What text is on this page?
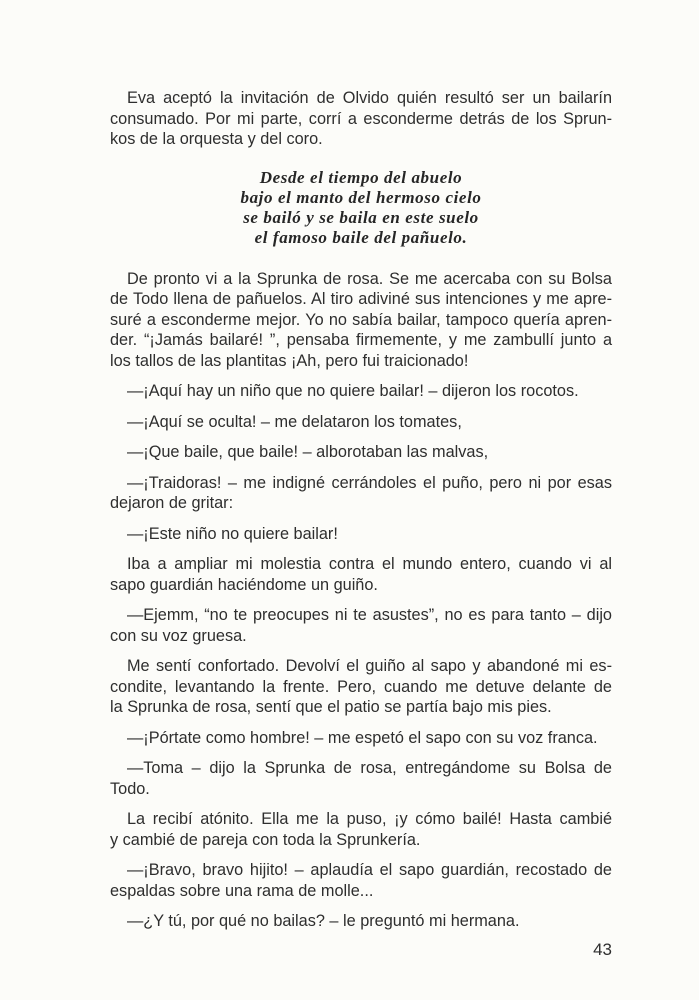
Eva aceptó la invitación de Olvido quién resultó ser un bailarín
consumado. Por mi parte, corrí a esconderme detrás de los Sprun-
kos de la orquesta y del coro.
Desde el tiempo del abuelo
bajo el manto del hermoso cielo
se bailó y se baila en este suelo
el famoso baile del pañuelo.
De pronto vi a la Sprunka de rosa. Se me acercaba con su Bolsa
de Todo llena de pañuelos. Al tiro adiviné sus intenciones y me apre-
suré a esconderme mejor. Yo no sabía bailar, tampoco quería apren-
der. “¡Jamás bailaré! ”, pensaba firmemente, y me zambullí junto a
los tallos de las plantitas ¡Ah, pero fui traicionado!
—¡Aquí hay un niño que no quiere bailar! – dijeron los rocotos.
—¡Aquí se oculta! – me delataron los tomates,
—¡Que baile, que baile! – alborotaban las malvas,
—¡Traidoras! – me indigné cerrándoles el puño, pero ni por esas
dejaron de gritar:
—¡Este niño no quiere bailar!
Iba a ampliar mi molestia contra el mundo entero, cuando vi al
sapo guardián haciéndome un guiño.
—Ejemm, “no te preocupes ni te asustes”, no es para tanto – dijo
con su voz gruesa.
Me sentí confortado. Devolví el guiño al sapo y abandoné mi es-
condite, levantando la frente. Pero, cuando me detuve delante de
la Sprunka de rosa, sentí que el patio se partía bajo mis pies.
—¡Pórtate como hombre! – me espetó el sapo con su voz franca.
—Toma – dijo la Sprunka de rosa, entregándome su Bolsa de
Todo.
La recibí atónito. Ella me la puso, ¡y cómo bailé! Hasta cambié
y cambié de pareja con toda la Sprunkería.
—¡Bravo, bravo hijito! – aplaudía el sapo guardián, recostado de
espaldas sobre una rama de molle...
—¿Y tú, por qué no bailas? – le preguntó mi hermana.
43
